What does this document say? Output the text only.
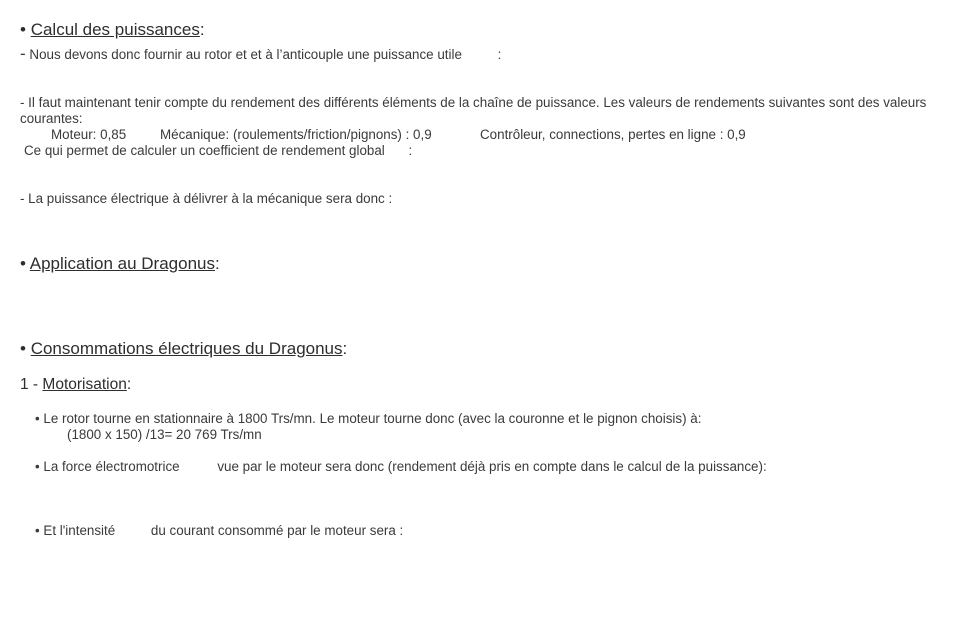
• Calcul des puissances:
- Nous devons donc fournir au rotor et et à l’anticouple une puissance utile	:
- Il faut maintenant tenir compte du rendement des différents éléments de la chaîne de puissance. Les valeurs de rendements suivantes sont des valeurs courantes:
Moteur: 0,85	Mécanique: (roulements/friction/pignons) : 0,9	Contrôleur, connections, pertes en ligne : 0,9
Ce qui permet de calculer un coefficient de rendement global :
- La puissance électrique à délivrer à la mécanique sera donc :
• Application au Dragonus:
• Consommations électriques du Dragonus:
1 - Motorisation:
• Le rotor tourne en stationnaire à 1800 Trs/mn. Le moteur tourne donc (avec la couronne et le pignon choisis) à:
(1800 x 150) /13= 20 769 Trs/mn
• La force électromotrice	vue par le moteur sera donc (rendement déjà pris en compte dans le calcul de la puissance):
• Et l'intensité	du courant consommé par le moteur sera :
